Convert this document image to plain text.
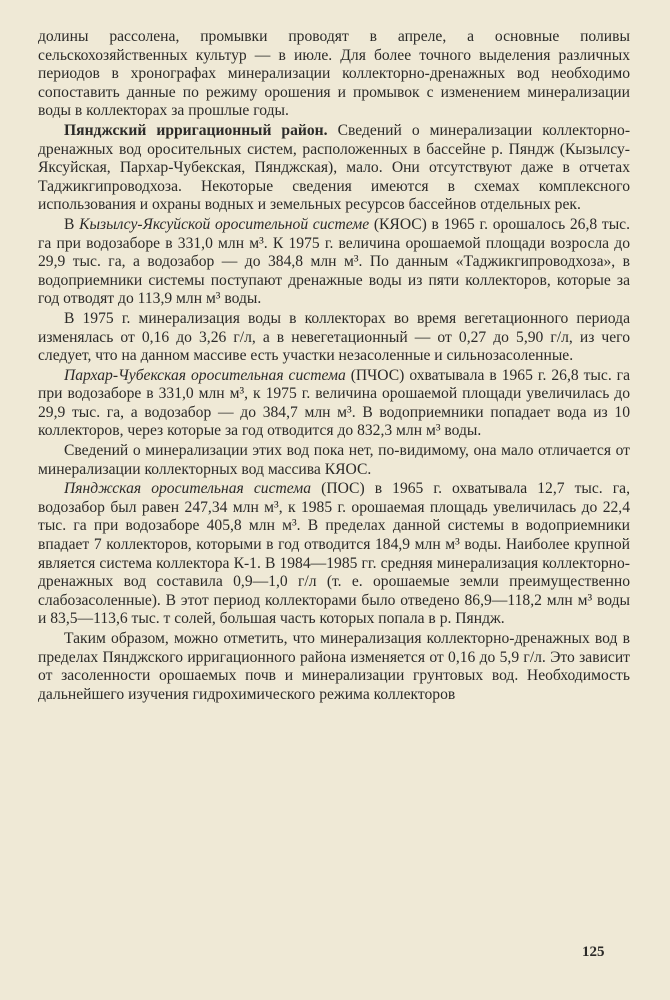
долины рассолена, промывки проводят в апреле, а основные поливы сельскохозяйственных культур — в июле. Для более точного выделения различных периодов в хронографах минерализации коллекторно-дренажных вод необходимо сопоставить данные по режиму орошения и промывок с изменением минерализации воды в коллекторах за прошлые годы.

Пянджский ирригационный район. Сведений о минерализации коллекторно-дренажных вод оросительных систем, расположенных в бассейне р. Пяндж (Кызылсу-Яксуйская, Пархар-Чубекская, Пянджская), мало. Они отсутствуют даже в отчетах Таджикгипроводхоза. Некоторые сведения имеются в схемах комплексного использования и охраны водных и земельных ресурсов бассейнов отдельных рек.

В Кызылсу-Яксуйской оросительной системе (КЯОС) в 1965 г. орошалось 26,8 тыс. га при водозаборе в 331,0 млн м³. К 1975 г. величина орошаемой площади возросла до 29,9 тыс. га, а водозабор — до 384,8 млн м³. По данным «Таджикгипроводхоза», в водоприемники системы поступают дренажные воды из пяти коллекторов, которые за год отводят до 113,9 млн м³ воды.

В 1975 г. минерализация воды в коллекторах во время вегетационного периода изменялась от 0,16 до 3,26 г/л, а в невегетационный — от 0,27 до 5,90 г/л, из чего следует, что на данном массиве есть участки незасоленные и сильнозасоленные.

Пархар-Чубекская оросительная система (ПЧОС) охватывала в 1965 г. 26,8 тыс. га при водозаборе в 331,0 млн м³, к 1975 г. величина орошаемой площади увеличилась до 29,9 тыс. га, а водозабор — до 384,7 млн м³. В водоприемники попадает вода из 10 коллекторов, через которые за год отводится до 832,3 млн м³ воды.

Сведений о минерализации этих вод пока нет, по-видимому, она мало отличается от минерализации коллекторных вод массива КЯОС.

Пянджская оросительная система (ПОС) в 1965 г. охватывала 12,7 тыс. га, водозабор был равен 247,34 млн м³, к 1985 г. орошаемая площадь увеличилась до 22,4 тыс. га при водозаборе 405,8 млн м³. В пределах данной системы в водоприемники впадает 7 коллекторов, которыми в год отводится 184,9 млн м³ воды. Наиболее крупной является система коллектора К-1. В 1984—1985 гг. средняя минерализация коллекторно-дренажных вод составила 0,9—1,0 г/л (т. е. орошаемые земли преимущественно слабозасоленные). В этот период коллекторами было отведено 86,9—118,2 млн м³ воды и 83,5—113,6 тыс. т солей, большая часть которых попала в р. Пяндж.

Таким образом, можно отметить, что минерализация коллекторно-дренажных вод в пределах Пянджского ирригационного района изменяется от 0,16 до 5,9 г/л. Это зависит от засоленности орошаемых почв и минерализации грунтовых вод. Необходимость дальнейшего изучения гидрохимического режима коллекторов

125
